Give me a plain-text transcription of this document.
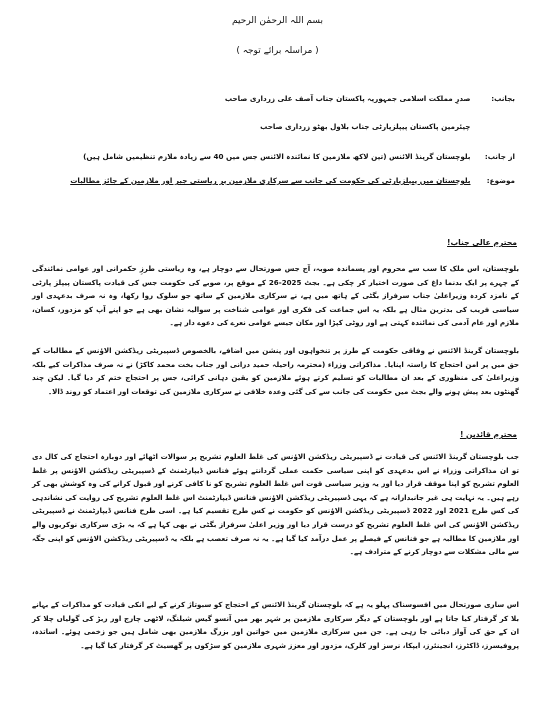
بسم اللہ الرحمٰن الرحیم
( مراسلہ برائے توجہ )
بجانب: صدرِ مملکت اسلامی جمہوریہ پاکستان جناب آصف علی زرداری صاحب
چیئرمین پاکستان پیپلزپارٹی جناب بلاول بھٹو زرداری صاحب
از جانب: بلوچستان گرینڈ الائنس (تین لاکھ ملازمین کا نمائندہ الائنس جس میں 40 سے زیادہ ملازم تنظیمیں شامل ہیں)
موضوع: بلوچستان میں پیپلزپارٹی کی حکومت کی جانب سے سرکاری ملازمین پر ریاستی جبر اور ملازمین کے جائز مطالبات
محترم عالی جناب!
بلوچستان، اس ملک کا سب سے محروم اور پسماندہ صوبہ، آج جس صورتحال سے دوچار ہے، وہ ریاستی طرزِ حکمرانی اور عوامی نمائندگی کے چہرے پر ایک بدنما داغ کی صورت اختیار کر چکی ہے۔ بجٹ 2025-26 کے موقع پر، صوبے کی حکومت جس کی قیادت پاکستان پیپلز پارٹی کے نامزد کردہ وزیراعلیٰ جناب سرفراز بگٹی کے ہاتھ میں ہے، نے سرکاری ملازمین کے ساتھ جو سلوک روا رکھا، وہ نہ صرف بدعہدی اور سیاسی فریب کی بدترین مثال ہے بلکہ یہ اس جماعت کی فکری اور عوامی شناخت پر سوالیہ نشان بھی ہے جو اپنے آپ کو مزدور، کسان، ملازم اور عام آدمی کی نمائندہ کہتی ہے اور روٹی کپڑا اور مکان جیسے عوامی نعرے کی دعوے دار ہے۔
بلوچستان گرینڈ الائنس نے وفاقی حکومت کے طرز پر تنخواہوں اور پنشن میں اضافے، بالخصوص ڈسپیریٹی ریڈکشن الاؤنس کے مطالبات کے حق میں پر امن احتجاج کا راستہ اپنایا۔ مذاکراتی وزراء (محترمہ راحیلہ حمید درانی اور جناب بخت محمد کاکڑ) نے نہ صرف مذاکرات کیے بلکہ وزیراعلیٰ کی منظوری کے بعد ان مطالبات کو تسلیم کرتے ہوئے ملازمین کو یقین دہانی کرائی، جس پر احتجاج ختم کر دیا گیا۔ لیکن چند گھنٹوں بعد پیش ہونے والے بجٹ میں حکومت کی جانب سے کی گئی وعدہ خلافی نے سرکاری ملازمین کی توقعات اور اعتماد کو روند ڈالا۔
محترم قائدین !
جب بلوچستان گرینڈ الائنس کی قیادت نے ڈسپیریٹی ریڈکشن الاؤنس کی غلط العلوم تشریح پر سوالات اٹھائے اور دوبارہ احتجاج کی کال دی تو ان مذاکراتی وزراء نے اس بدعہدی کو اپنی سیاسی حکمت عملی گردانتے ہوئے فنانس ڈیپارٹمنٹ کے ڈسپیریٹی ریڈکشن الاؤنس پر غلط العلوم تشریح کو اپنا موقف قرار دیا اور یہ وزیر سیاسی قوت اس غلط العلوم تشریح کو نا کافی کرنے اور قبول کرانے کی وہ کوشش بھی کر رہے ہیں۔ یہ نہایت ہی غیر جانبدارانہ ہے کہ یہی ڈسپیریٹی ریڈکشن الاؤنس فنانس ڈیپارٹمنٹ اس غلط العلوم تشریح کی روایت کی نشاندہی کی کس طرح 2021 اور 2022 ڈسپیریٹی ریڈکشن الاؤنس کو حکومت نے کس طرح تقسیم کیا ہے۔ اسی طرح فنانس ڈیپارٹمنٹ نے ڈسپیریٹی ریڈکشن الاؤنس کی اس غلط العلوم تشریح کو درست قرار دیا اور وزیر اعلیٰ سرفراز بگٹی نے بھی کہا ہے کہ یہ بڑی سرکاری نوکریوں والے اور ملازمین کا مطالبہ ہے جو فنانس کے فیصلے پر عمل درآمد کیا گیا ہے۔ یہ نہ صرف تعصب ہے بلکہ یہ ڈسپیریٹی ریڈکشن الاؤنس کو اپنی جگہ سے مالی مشکلات سے دوچار کرنے کے مترادف ہے۔
اس ساری صورتحال میں افسوسناک پہلو یہ ہے کہ بلوچستان گرینڈ الائنس کے احتجاج کو سبوتاژ کرنے کے لیے انکی قیادت کو مذاکرات کے بہانے بلا کر گرفتار کیا جاتا ہے اور بلوچستان کے دیگر سرکاری ملازمین پر شہر بھر میں آنسو گیس شیلنگ، لاٹھی چارج اور ربڑ کی گولیاں چلا کر ان کے حق کی آواز دبائی جا رہی ہے۔ جن میں سرکاری ملازمین میں خواتین اور بزرگ ملازمین بھی شامل ہیں جو زخمی ہوئے۔ اساتذہ، پروفیسرز، ڈاکٹرز، انجینئرز، ایپکا، نرسز اور کلرک، مزدور اور معزز شہری ملازمین کو سڑکوں پر گھسیٹ کر گرفتار کیا گیا ہے۔
